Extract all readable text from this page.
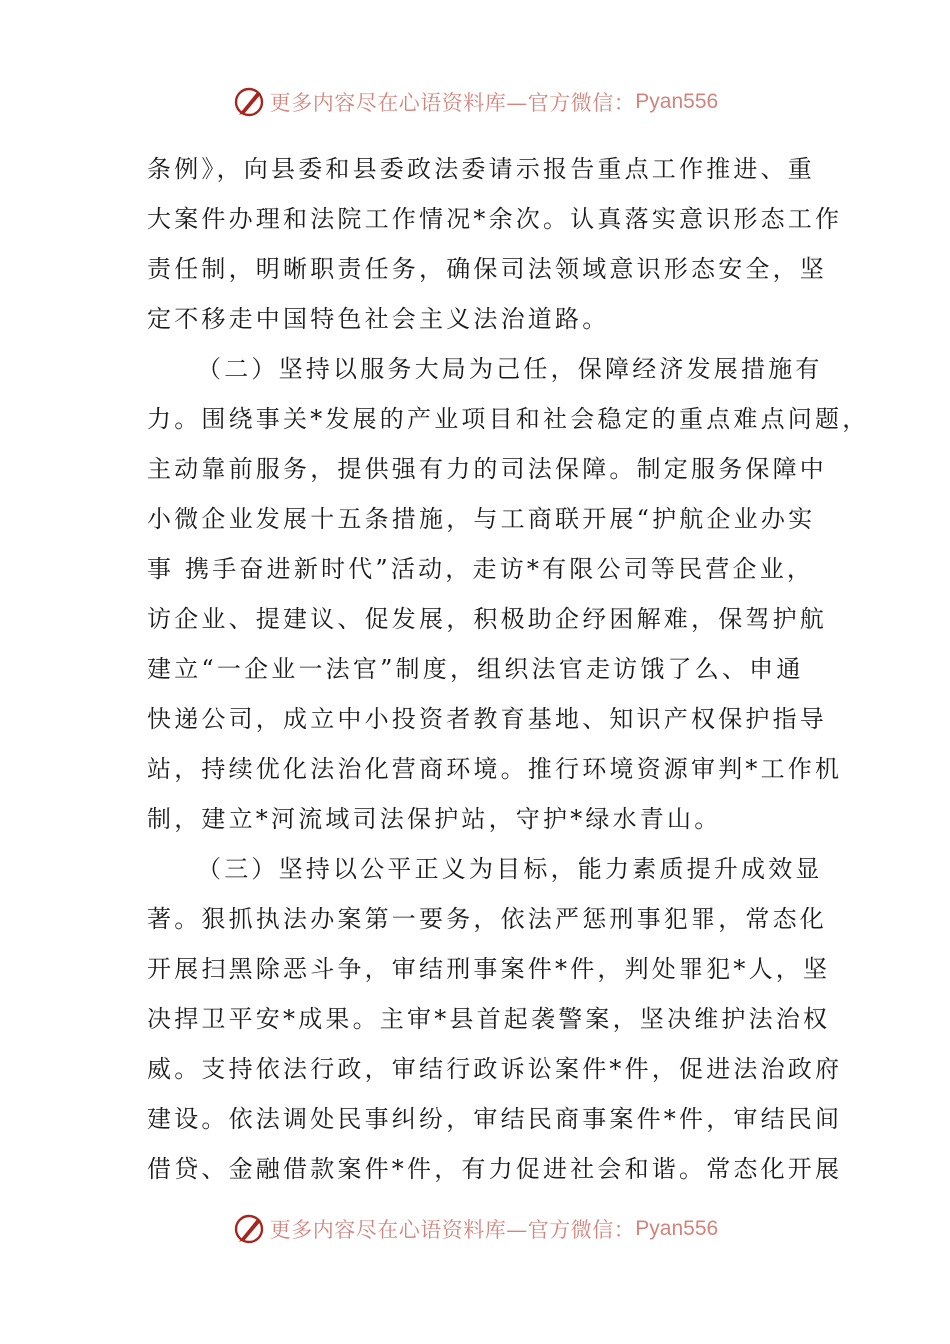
更多内容尽在心语资料库—官方微信： Pyan556
条例》，向县委和县委政法委请示报告重点工作推进、重
大案件办理和法院工作情况*余次。认真落实意识形态工作
责任制，明晰职责任务，确保司法领域意识形态安全，坚
定不移走中国特色社会主义法治道路。
（二）坚持以服务大局为己任，保障经济发展措施有
力。围绕事关*发展的产业项目和社会稳定的重点难点问题，
主动靠前服务，提供强有力的司法保障。制定服务保障中
小微企业发展十五条措施，与工商联开展“护航企业办实
事 携手奋进新时代”活动，走访*有限公司等民营企业，
访企业、提建议、促发展，积极助企纾困解难，保驾护航
建立“一企业一法官”制度，组织法官走访饿了么、申通
快递公司，成立中小投资者教育基地、知识产权保护指导
站，持续优化法治化营商环境。推行环境资源审判*工作机
制，建立*河流域司法保护站，守护*绿水青山。
（三）坚持以公平正义为目标，能力素质提升成效显
著。狠抓执法办案第一要务，依法严惩刑事犯罪，常态化
开展扫黑除恶斗争，审结刑事案件*件，判处罪犯*人，坚
决捍卫平安*成果。主审*县首起袭警案，坚决维护法治权
威。支持依法行政，审结行政诉讼案件*件，促进法治政府
建设。依法调处民事纠纷，审结民商事案件*件，审结民间
借贷、金融借款案件*件，有力促进社会和谐。常态化开展
更多内容尽在心语资料库—官方微信： Pyan556
